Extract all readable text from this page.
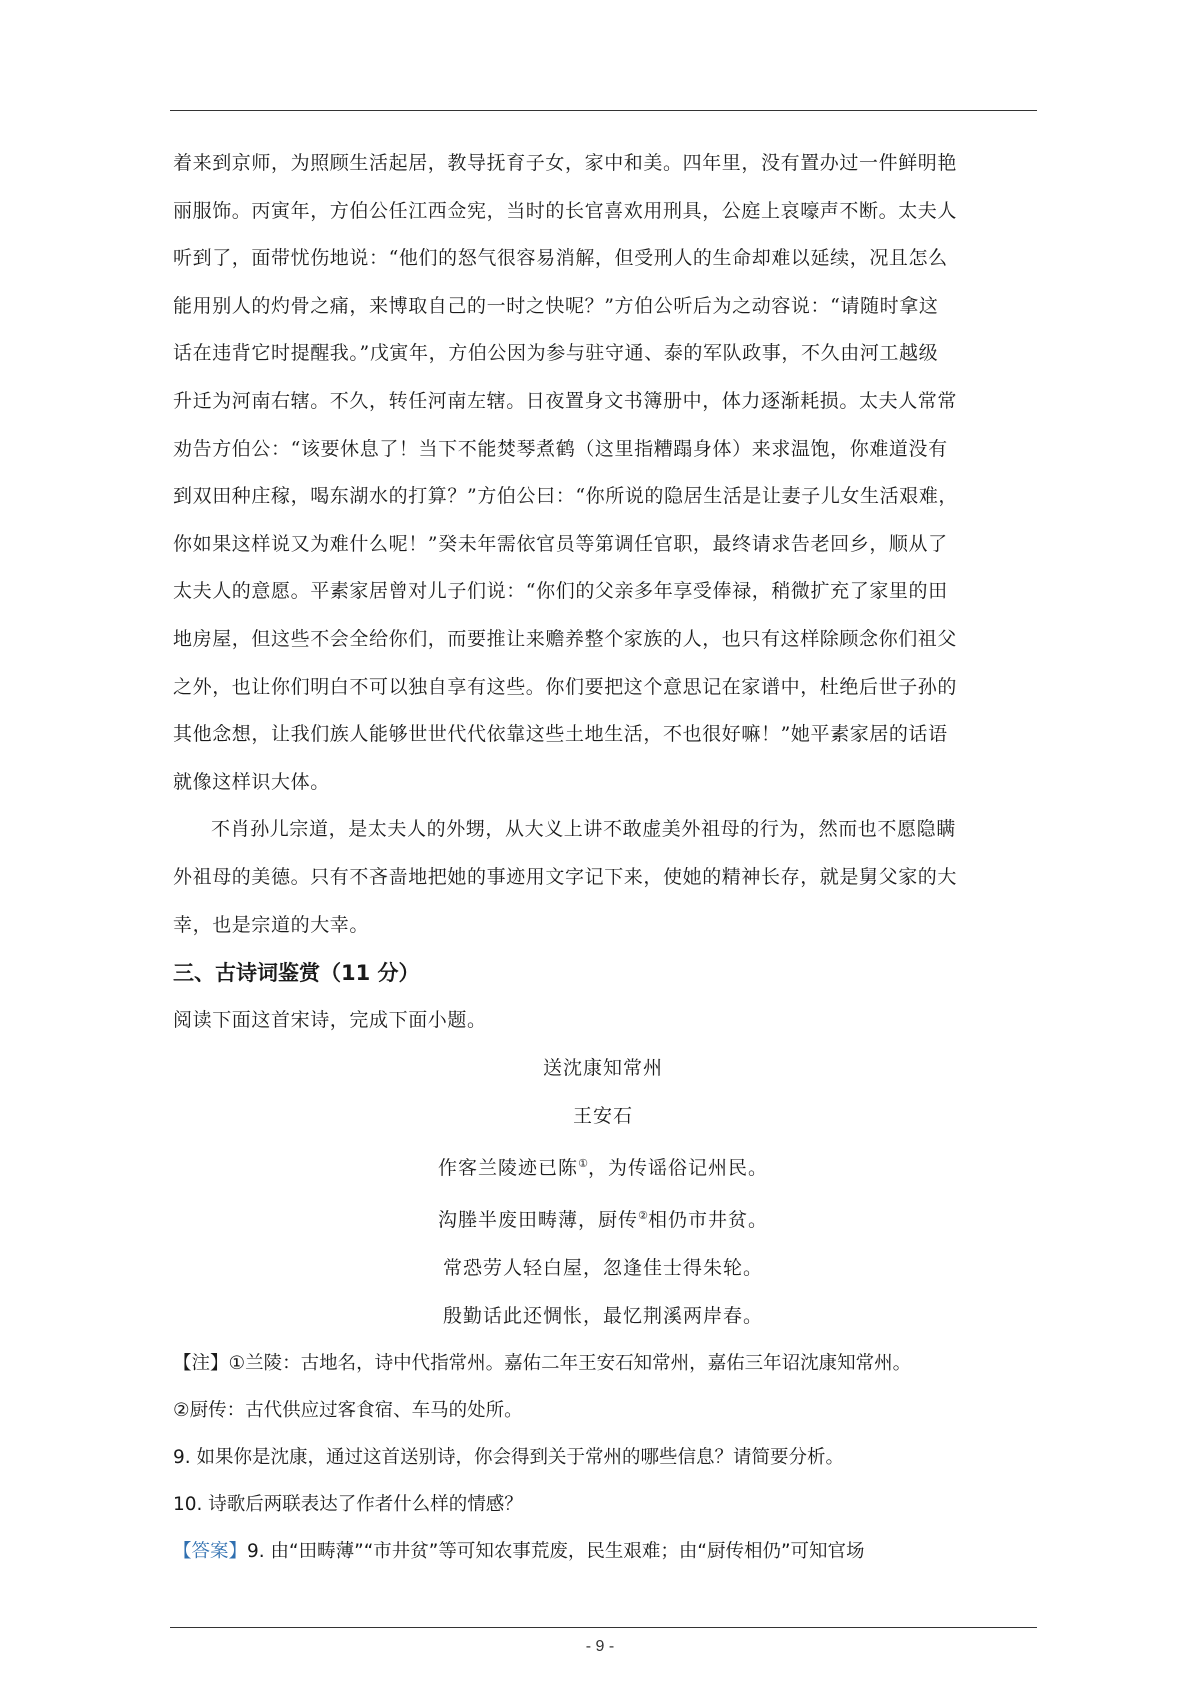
着来到京师，为照顾生活起居，教导抚育子女，家中和美。四年里，没有置办过一件鲜明艳

丽服饰。丙寅年，方伯公任江西佥宪，当时的长官喜欢用刑具，公庭上哀嚎声不断。太夫人

听到了，面带忧伤地说：“他们的怒气很容易消解，但受刑人的生命却难以延续，况且怎么

能用别人的灼骨之痛，来博取自己的一时之快呢？”方伯公听后为之动容说：“请随时拿这

话在违背它时提醒我。”戊寅年，方伯公因为参与驻守通、泰的军队政事，不久由河工越级

升迁为河南右辖。不久，转任河南左辖。日夜置身文书簿册中，体力逐渐耗损。太夫人常常

劝告方伯公：“该要休息了！当下不能焚琴煮鹤（这里指糟蹋身体）来求温饱，你难道没有

到双田种庄稼，喝东湖水的打算？”方伯公曰：“你所说的隐居生活是让妻子儿女生活艰难，

你如果这样说又为难什么呢！”癸未年需依官员等第调任官职，最终请求告老回乡，顺从了

太夫人的意愿。平素家居曾对儿子们说：“你们的父亲多年享受俸禄，稍微扩充了家里的田

地房屋，但这些不会全给你们，而要推让来赡养整个家族的人，也只有这样除顾念你们祖父

之外，也让你们明白不可以独自享有这些。你们要把这个意思记在家谱中，杜绝后世子孙的

其他念想，让我们族人能够世世代代依靠这些土地生活，不也很好嘛！”她平素家居的话语

就像这样识大体。

不肖孙儿宗道，是太夫人的外甥，从大义上讲不敢虚美外祖母的行为，然而也不愿隐瞒

外祖母的美德。只有不吝啬地把她的事迹用文字记下来，使她的精神长存，就是舅父家的大

幸，也是宗道的大幸。

三、古诗词鉴赏（11 分）

阅读下面这首宋诗，完成下面小题。

送沈康知常州

王安石

作客兰陵迹已陈①，为传谣俗记州民。

沟塍半废田畴薄，厨传②相仍市井贫。

常恐劳人轻白屋，忽逢佳士得朱轮。

殷勤话此还惆怅，最忆荆溪两岸春。

【注】①兰陵：古地名，诗中代指常州。嘉佑二年王安石知常州，嘉佑三年诏沈康知常州。

②厨传：古代供应过客食宿、车马的处所。

9. 如果你是沈康，通过这首送别诗，你会得到关于常州的哪些信息？请简要分析。

10. 诗歌后两联表达了作者什么样的情感？

【答案】9. 由“田畴薄”“市井贫”等可知农事荒废，民生艰难；由“厨传相仍”可知官场

- 9 -
